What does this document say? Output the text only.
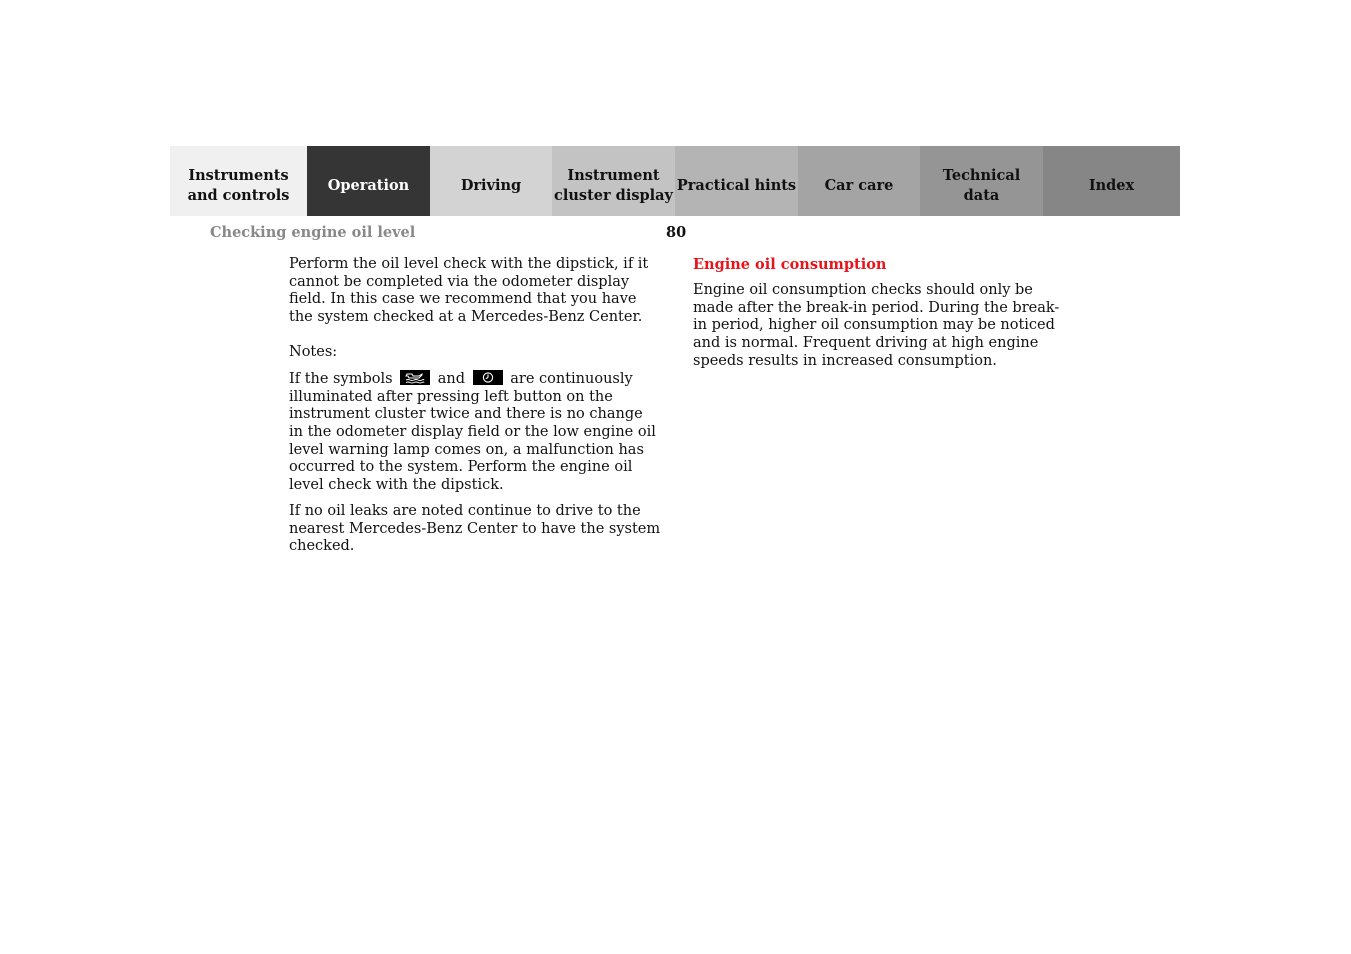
Instruments
and controls
Operation	Driving
Instrument
cluster display
Practical hints Car care
Technical
data
Index
Checking engine oil level	80

Perform the oil level check with the dipstick, if it cannot be completed via the odometer display field. In this case we recommend that you have the system checked at a Mercedes-Benz Center.

Notes:

If the symbols	and	are continuously illuminated after pressing left button on the instrument cluster twice and there is no change in the odometer display field or the low engine oil level warning lamp comes on, a malfunction has occurred to the system. Perform the engine oil level check with the dipstick.

If no oil leaks are noted continue to drive to the nearest Mercedes-Benz Center to have the system checked.

Engine oil consumption

Engine oil consumption checks should only be made after the break-in period. During the break-in period, higher oil consumption may be noticed and is normal. Frequent driving at high engine speeds results in increased consumption.
